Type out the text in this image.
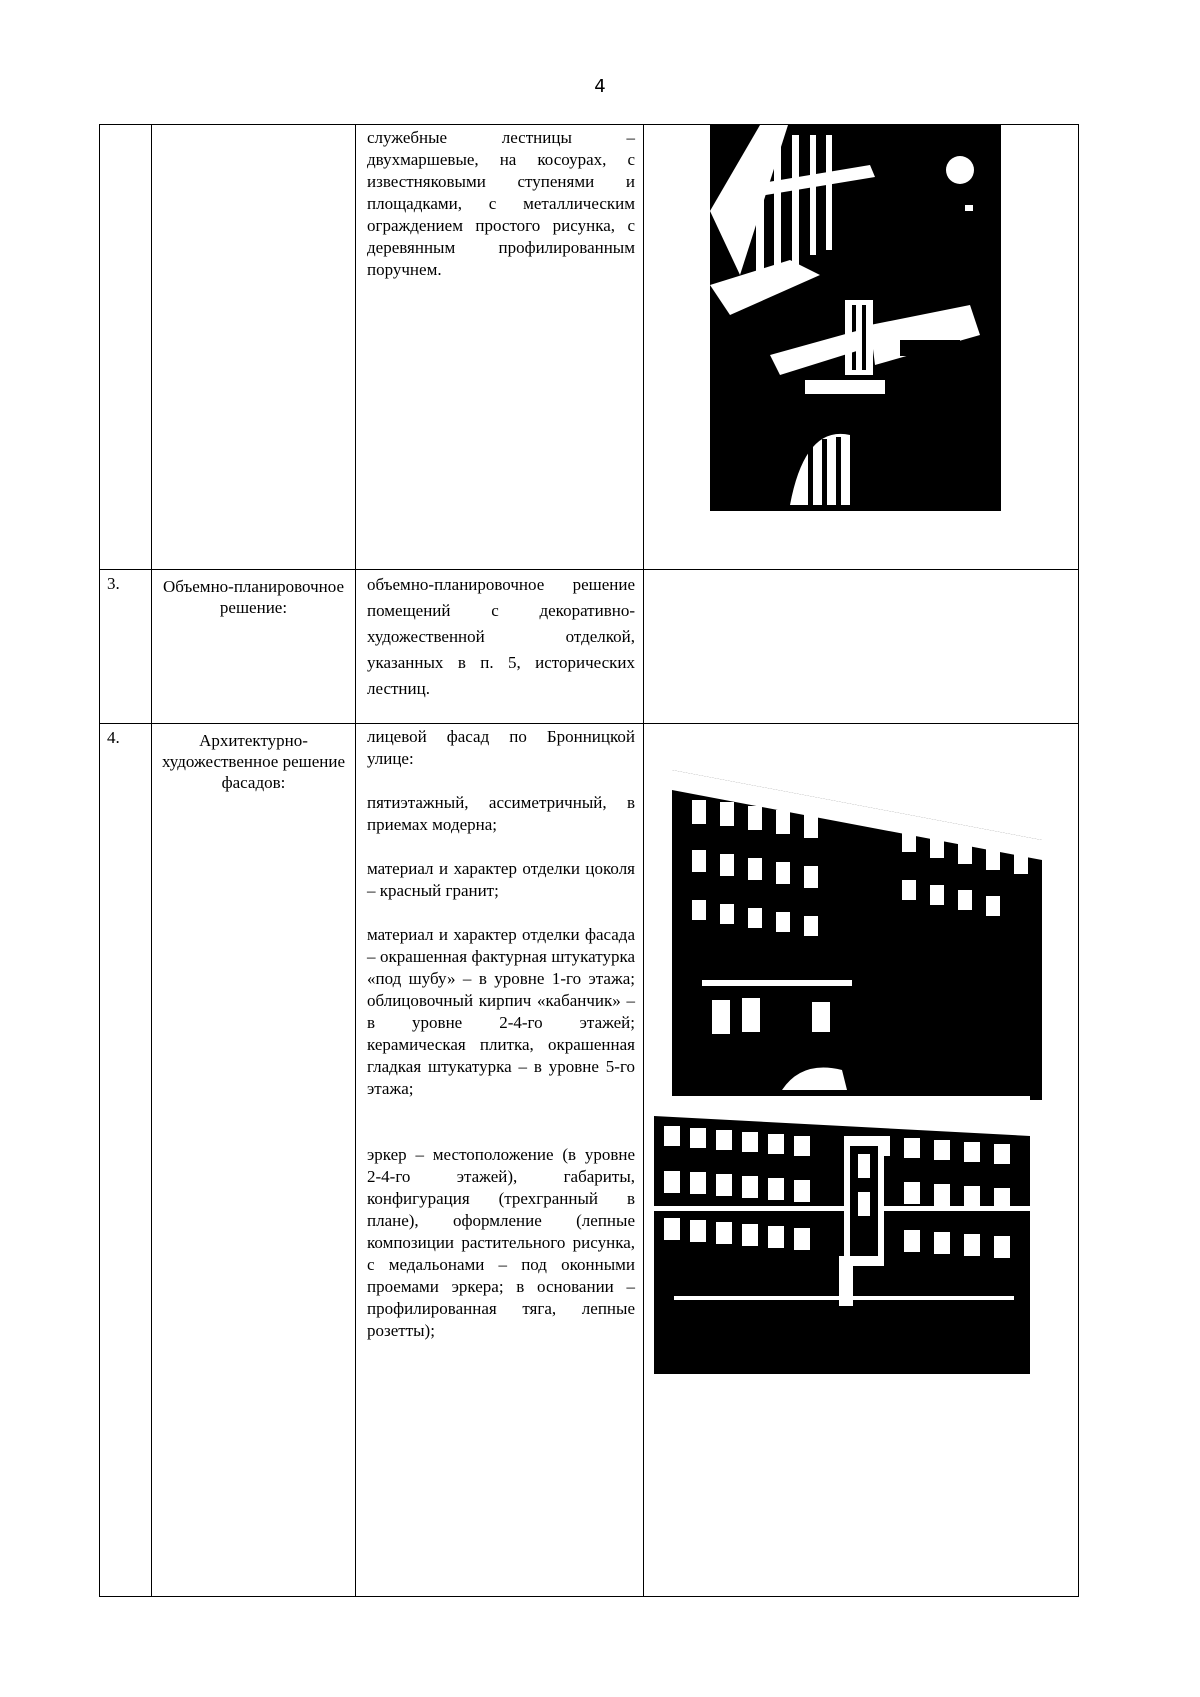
4

		служебные лестницы – двухмаршевые, на косоурах, с известняковыми ступенями и площадками, с металлическим ограждением простого рисунка, с деревянным профилированным поручнем.

3.	Объемно-планировочное решение:	объемно-планировочное решение помещений с декоративно-художественной отделкой, указанных в п. 5, исторических лестниц.	

4.	Архитектурно-художественное решение фасадов:	лицевой фасад по Бронницкой улице:

пятиэтажный, ассиметричный, в приемах модерна;

материал и характер отделки цоколя – красный гранит;

материал и характер отделки фасада – окрашенная фактурная штукатурка «под шубу» – в уровне 1-го этажа; облицовочный кирпич «кабанчик» – в уровне 2-4-го этажей; керамическая плитка, окрашенная гладкая штукатурка – в уровне 5-го этажа;

эркер – местоположение (в уровне 2-4-го этажей), габариты, конфигурация (трехгранный в плане), оформление (лепные композиции растительного рисунка, с медальонами – под оконными проемами эркера; в основании – профилированная тяга, лепные розетты);
